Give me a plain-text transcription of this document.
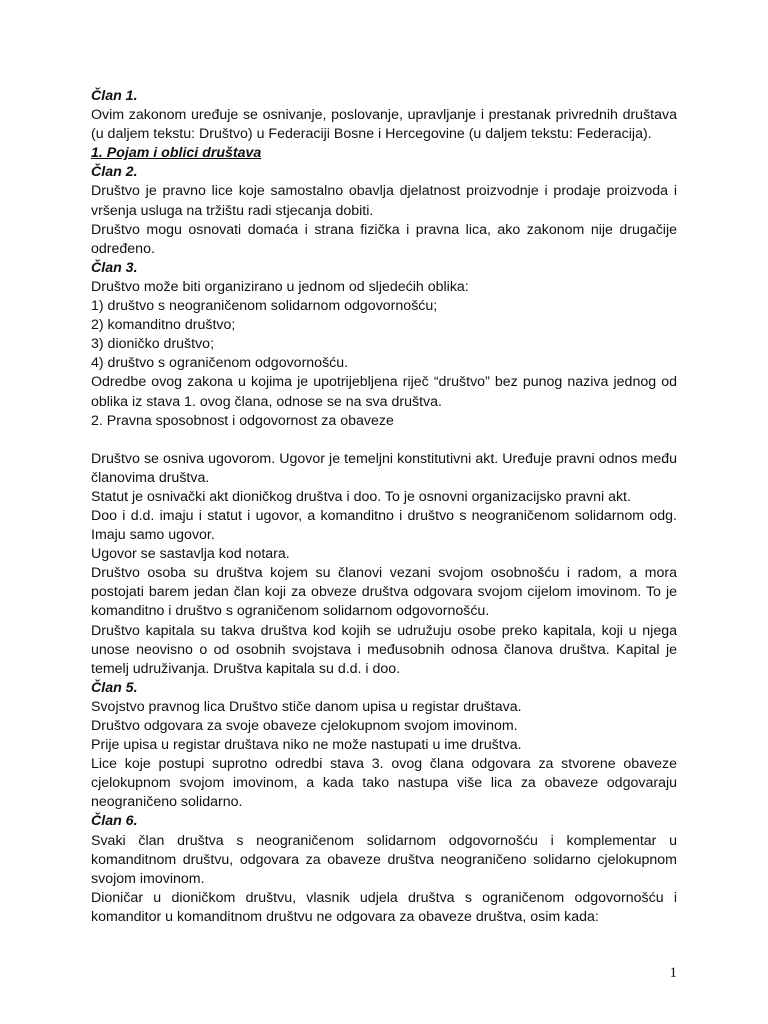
Član 1.

Ovim zakonom uređuje se osnivanje, poslovanje, upravljanje i prestanak privrednih društava (u daljem tekstu: Društvo) u Federaciji Bosne i Hercegovine (u daljem tekstu: Federacija).

1. Pojam i oblici društava

Član 2.

Društvo je pravno lice koje samostalno obavlja djelatnost proizvodnje i prodaje proizvoda i vršenja usluga na tržištu radi stjecanja dobiti.

Društvo mogu osnovati domaća i strana fizička i pravna lica, ako zakonom nije drugačije određeno.

Član 3.

Društvo može biti organizirano u jednom od sljedećih oblika:

1) društvo s neograničenom solidarnom odgovornošću;

2) komanditno društvo;

3) dioničko društvo;

4) društvo s ograničenom odgovornošću.

Odredbe ovog zakona u kojima je upotrijebljena riječ “društvo” bez punog naziva jednog od oblika iz stava 1. ovog člana, odnose se na sva društva.

2. Pravna sposobnost i odgovornost za obaveze

Društvo se osniva ugovorom. Ugovor je temeljni konstitutivni akt. Uređuje pravni odnos među članovima društva.

Statut je osnivački akt dioničkog društva i doo. To je osnovni organizacijsko pravni akt.

Doo i d.d. imaju i statut i ugovor, a komanditno i društvo s neograničenom solidarnom odg. Imaju samo ugovor.

Ugovor se sastavlja kod notara.

Društvo osoba su društva kojem su članovi vezani svojom osobnošću i radom, a mora postojati barem jedan član koji za obveze društva odgovara svojom cijelom imovinom. To je komanditno i društvo s ograničenom solidarnom odgovornošću.

Društvo kapitala su takva društva kod kojih se udružuju osobe preko kapitala, koji u njega unose neovisno o od osobnih svojstava i međusobnih odnosa članova društva. Kapital je temelj udruživanja. Društva kapitala su d.d. i doo.

Član 5.

Svojstvo pravnog lica Društvo stiče danom upisa u registar društava.

Društvo odgovara za svoje obaveze cjelokupnom svojom imovinom.

Prije upisa u registar društava niko ne može nastupati u ime društva.

Lice koje postupi suprotno odredbi stava 3. ovog člana odgovara za stvorene obaveze cjelokupnom svojom imovinom, a kada tako nastupa više lica za obaveze odgovaraju neograničeno solidarno.

Član 6.

Svaki član društva s neograničenom solidarnom odgovornošću i komplementar u komanditnom društvu, odgovara za obaveze društva neograničeno solidarno cjelokupnom svojom imovinom.

Dioničar u dioničkom društvu, vlasnik udjela društva s ograničenom odgovornošću i komanditor u komanditnom društvu ne odgovara za obaveze društva, osim kada:

1
